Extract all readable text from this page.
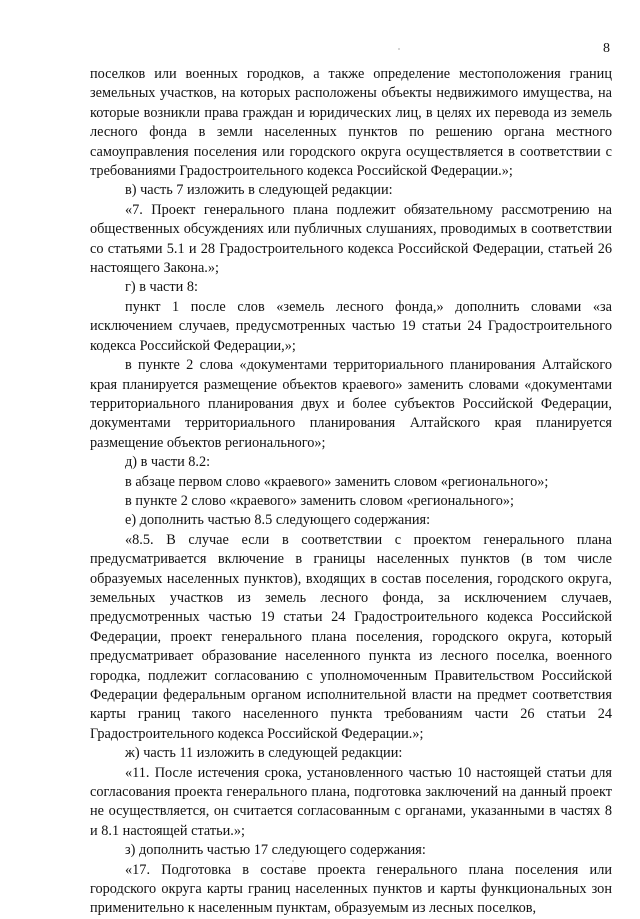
8

поселков или военных городков, а также определение местоположения границ земельных участков, на которых расположены объекты недвижимого имущества, на которые возникли права граждан и юридических лиц, в целях их перевода из земель лесного фонда в земли населенных пунктов по решению органа местного самоуправления поселения или городского округа осуществляется в соответствии с требованиями Градостроительного кодекса Российской Федерации.»;

в) часть 7 изложить в следующей редакции:

«7. Проект генерального плана подлежит обязательному рассмотрению на общественных обсуждениях или публичных слушаниях, проводимых в соответствии со статьями 5.1 и 28 Градостроительного кодекса Российской Федерации, статьей 26 настоящего Закона.»;

г) в части 8:

пункт 1 после слов «земель лесного фонда,» дополнить словами «за исключением случаев, предусмотренных частью 19 статьи 24 Градостроительного кодекса Российской Федерации,»;

в пункте 2 слова «документами территориального планирования Алтайского края планируется размещение объектов краевого» заменить словами «документами территориального планирования двух и более субъектов Российской Федерации, документами территориального планирования Алтайского края планируется размещение объектов регионального»;

д) в части 8.2:

в абзаце первом слово «краевого» заменить словом «регионального»;

в пункте 2 слово «краевого» заменить словом «регионального»;

е) дополнить частью 8.5 следующего содержания:

«8.5. В случае если в соответствии с проектом генерального плана предусматривается включение в границы населенных пунктов (в том числе образуемых населенных пунктов), входящих в состав поселения, городского округа, земельных участков из земель лесного фонда, за исключением случаев, предусмотренных частью 19 статьи 24 Градостроительного кодекса Российской Федерации, проект генерального плана поселения, городского округа, который предусматривает образование населенного пункта из лесного поселка, военного городка, подлежит согласованию с уполномоченным Правительством Российской Федерации федеральным органом исполнительной власти на предмет соответствия карты границ такого населенного пункта требованиям части 26 статьи 24 Градостроительного кодекса Российской Федерации.»;

ж) часть 11 изложить в следующей редакции:

«11. После истечения срока, установленного частью 10 настоящей статьи для согласования проекта генерального плана, подготовка заключений на данный проект не осуществляется, он считается согласованным с органами, указанными в частях 8 и 8.1 настоящей статьи.»;

з) дополнить частью 17 следующего содержания:

«17. Подготовка в составе проекта генерального плана поселения или городского округа карты границ населенных пунктов и карты функциональных зон применительно к населенным пунктам, образуемым из лесных поселков,
